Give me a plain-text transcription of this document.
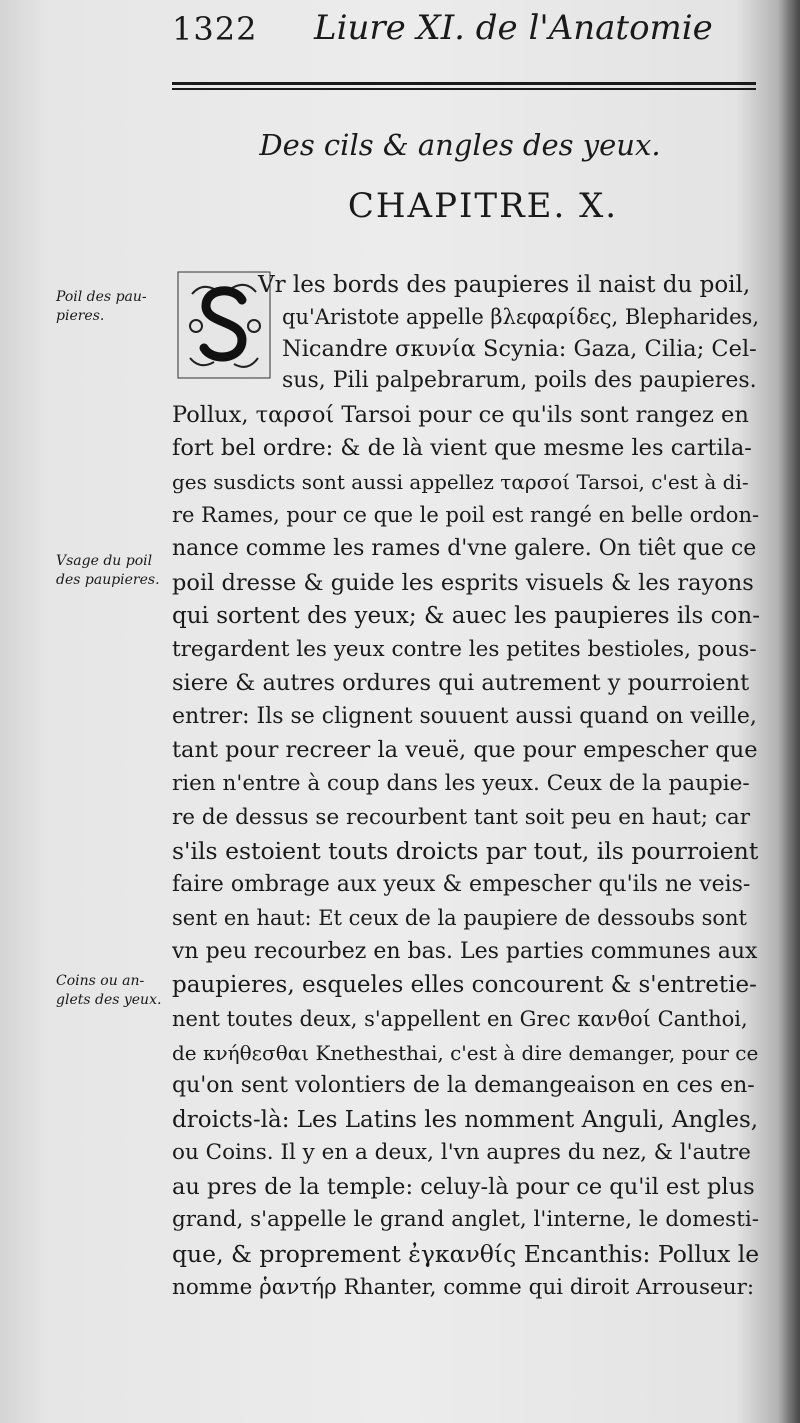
1322 Liure XI. de l'Anatomie
Des cils & angles des yeux.
CHAPITRE. X.
Poil des pau-
pieres.
Vsage du poil
des paupieres.
Coins ou an-
glets des yeux.
Vr les bords des paupieres il naist du poil,
qu'Aristote appelle βλεφαρίδες, Blepharides,
Nicandre σκυνία Scynia: Gaza, Cilia; Cel-
sus, Pili palpebrarum, poils des paupieres.
Pollux, ταρσοί Tarsoi pour ce qu'ils sont rangez en
fort bel ordre: & de là vient que mesme les cartila-
ges susdicts sont aussi appellez ταρσοί Tarsoi, c'est à di-
re Rames, pour ce que le poil est rangé en belle ordon-
nance comme les rames d'vne galere. On tiêt que ce
poil dresse & guide les esprits visuels & les rayons
qui sortent des yeux; & auec les paupieres ils con-
tregardent les yeux contre les petites bestioles, pous-
siere & autres ordures qui autrement y pourroient
entrer: Ils se clignent souuent aussi quand on veille,
tant pour recreer la veuë, que pour empescher que
rien n'entre à coup dans les yeux. Ceux de la paupie-
re de dessus se recourbent tant soit peu en haut; car
s'ils estoient touts droicts par tout, ils pourroient
faire ombrage aux yeux & empescher qu'ils ne veis-
sent en haut: Et ceux de la paupiere de dessoubs sont
vn peu recourbez en bas. Les parties communes aux
paupieres, esqueles elles concourent & s'entretie-
nent toutes deux, s'appellent en Grec κανθοί Canthoi,
de κνήθεσθαι Knethesthai, c'est à dire demanger, pour ce
qu'on sent volontiers de la demangeaison en ces en-
droicts-là: Les Latins les nomment Anguli, Angles,
ou Coins. Il y en a deux, l'vn aupres du nez, & l'autre
au pres de la temple: celuy-là pour ce qu'il est plus
grand, s'appelle le grand anglet, l'interne, le domesti-
que, & proprement ἐγκανθίς Encanthis: Pollux le
nomme ῥαντήρ Rhanter, comme qui diroit Arrouseur:
